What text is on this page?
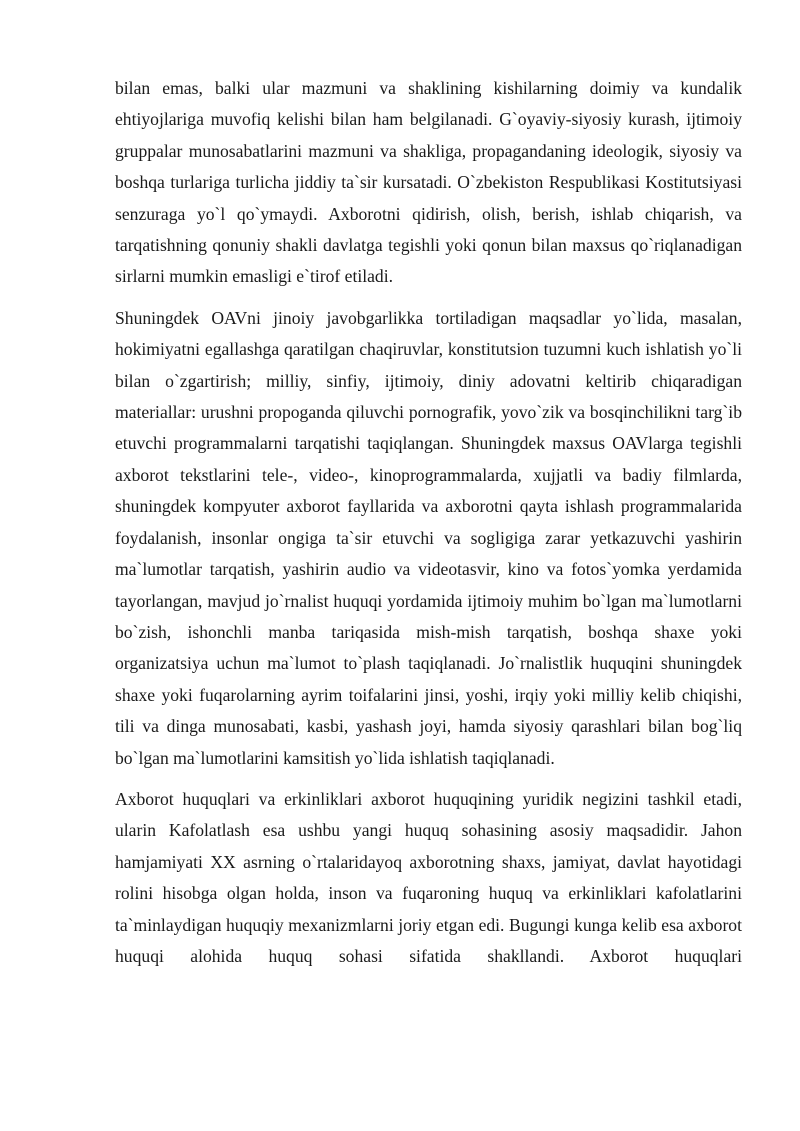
bilan emas, balki ular mazmuni va shaklining kishilarning doimiy va kundalik ehtiyojlariga muvofiq kelishi bilan ham belgilanadi. G`oyaviy-siyosiy kurash, ijtimoiy gruppalar munosabatlarini mazmuni va shakliga, propagandaning ideologik, siyosiy va boshqa turlariga turlicha jiddiy ta`sir kursatadi. O`zbekiston Respublikasi Kostitutsiyasi senzuraga yo`l qo`ymaydi. Axborotni qidirish, olish, berish, ishlab chiqarish, va tarqatishning qonuniy shakli davlatga tegishli yoki qonun bilan maxsus qo`riqlanadigan sirlarni mumkin emasligi e`tirof etiladi.

Shuningdek OAVni jinoiy javobgarlikka tortiladigan maqsadlar yo`lida, masalan, hokimiyatni egallashga qaratilgan chaqiruvlar, konstitutsion tuzumni kuch ishlatish yo`li bilan o`zgartirish; milliy, sinfiy, ijtimoiy, diniy adovatni keltirib chiqaradigan materiallar: urushni propoganda qiluvchi pornografik, yovo`zik va bosqinchilikni targ`ib etuvchi programmalarni tarqatishi taqiqlangan. Shuningdek maxsus OAVlarga tegishli axborot tekstlarini tele-, video-, kinoprogrammalarda, xujjatli va badiy filmlarda, shuningdek kompyuter axborot fayllarida va axborotni qayta ishlash programmalarida foydalanish, insonlar ongiga ta`sir etuvchi va sogligiga zarar yetkazuvchi yashirin ma`lumotlar tarqatish, yashirin audio va videotasvir, kino va fotos`yomka yerdamida tayorlangan, mavjud jo`rnalist huquqi yordamida ijtimoiy muhim bo`lgan ma`lumotlarni bo`zish, ishonchli manba tariqasida mish-mish tarqatish, boshqa shaxe yoki organizatsiya uchun ma`lumot to`plash taqiqlanadi. Jo`rnalistlik huquqini shuningdek shaxe yoki fuqarolarning ayrim toifalarini jinsi, yoshi, irqiy yoki milliy kelib chiqishi, tili va dinga munosabati, kasbi, yashash joyi, hamda siyosiy qarashlari bilan bog`liq bo`lgan ma`lumotlarini kamsitish yo`lida ishlatish taqiqlanadi.

Axborot huquqlari va erkinliklari axborot huquqining yuridik negizini tashkil etadi, ularin Kafolatlash esa ushbu yangi huquq sohasining asosiy maqsadidir. Jahon hamjamiyati XX asrning o`rtalaridayoq axborotning shaxs, jamiyat, davlat hayotidagi rolini hisobga olgan holda, inson va fuqaroning huquq va erkinliklari kafolatlarini ta`minlaydigan huquqiy mexanizmlarni joriy etgan edi. Bugungi kunga kelib esa axborot huquqi alohida huquq sohasi sifatida shakllandi. Axborot huquqlari
